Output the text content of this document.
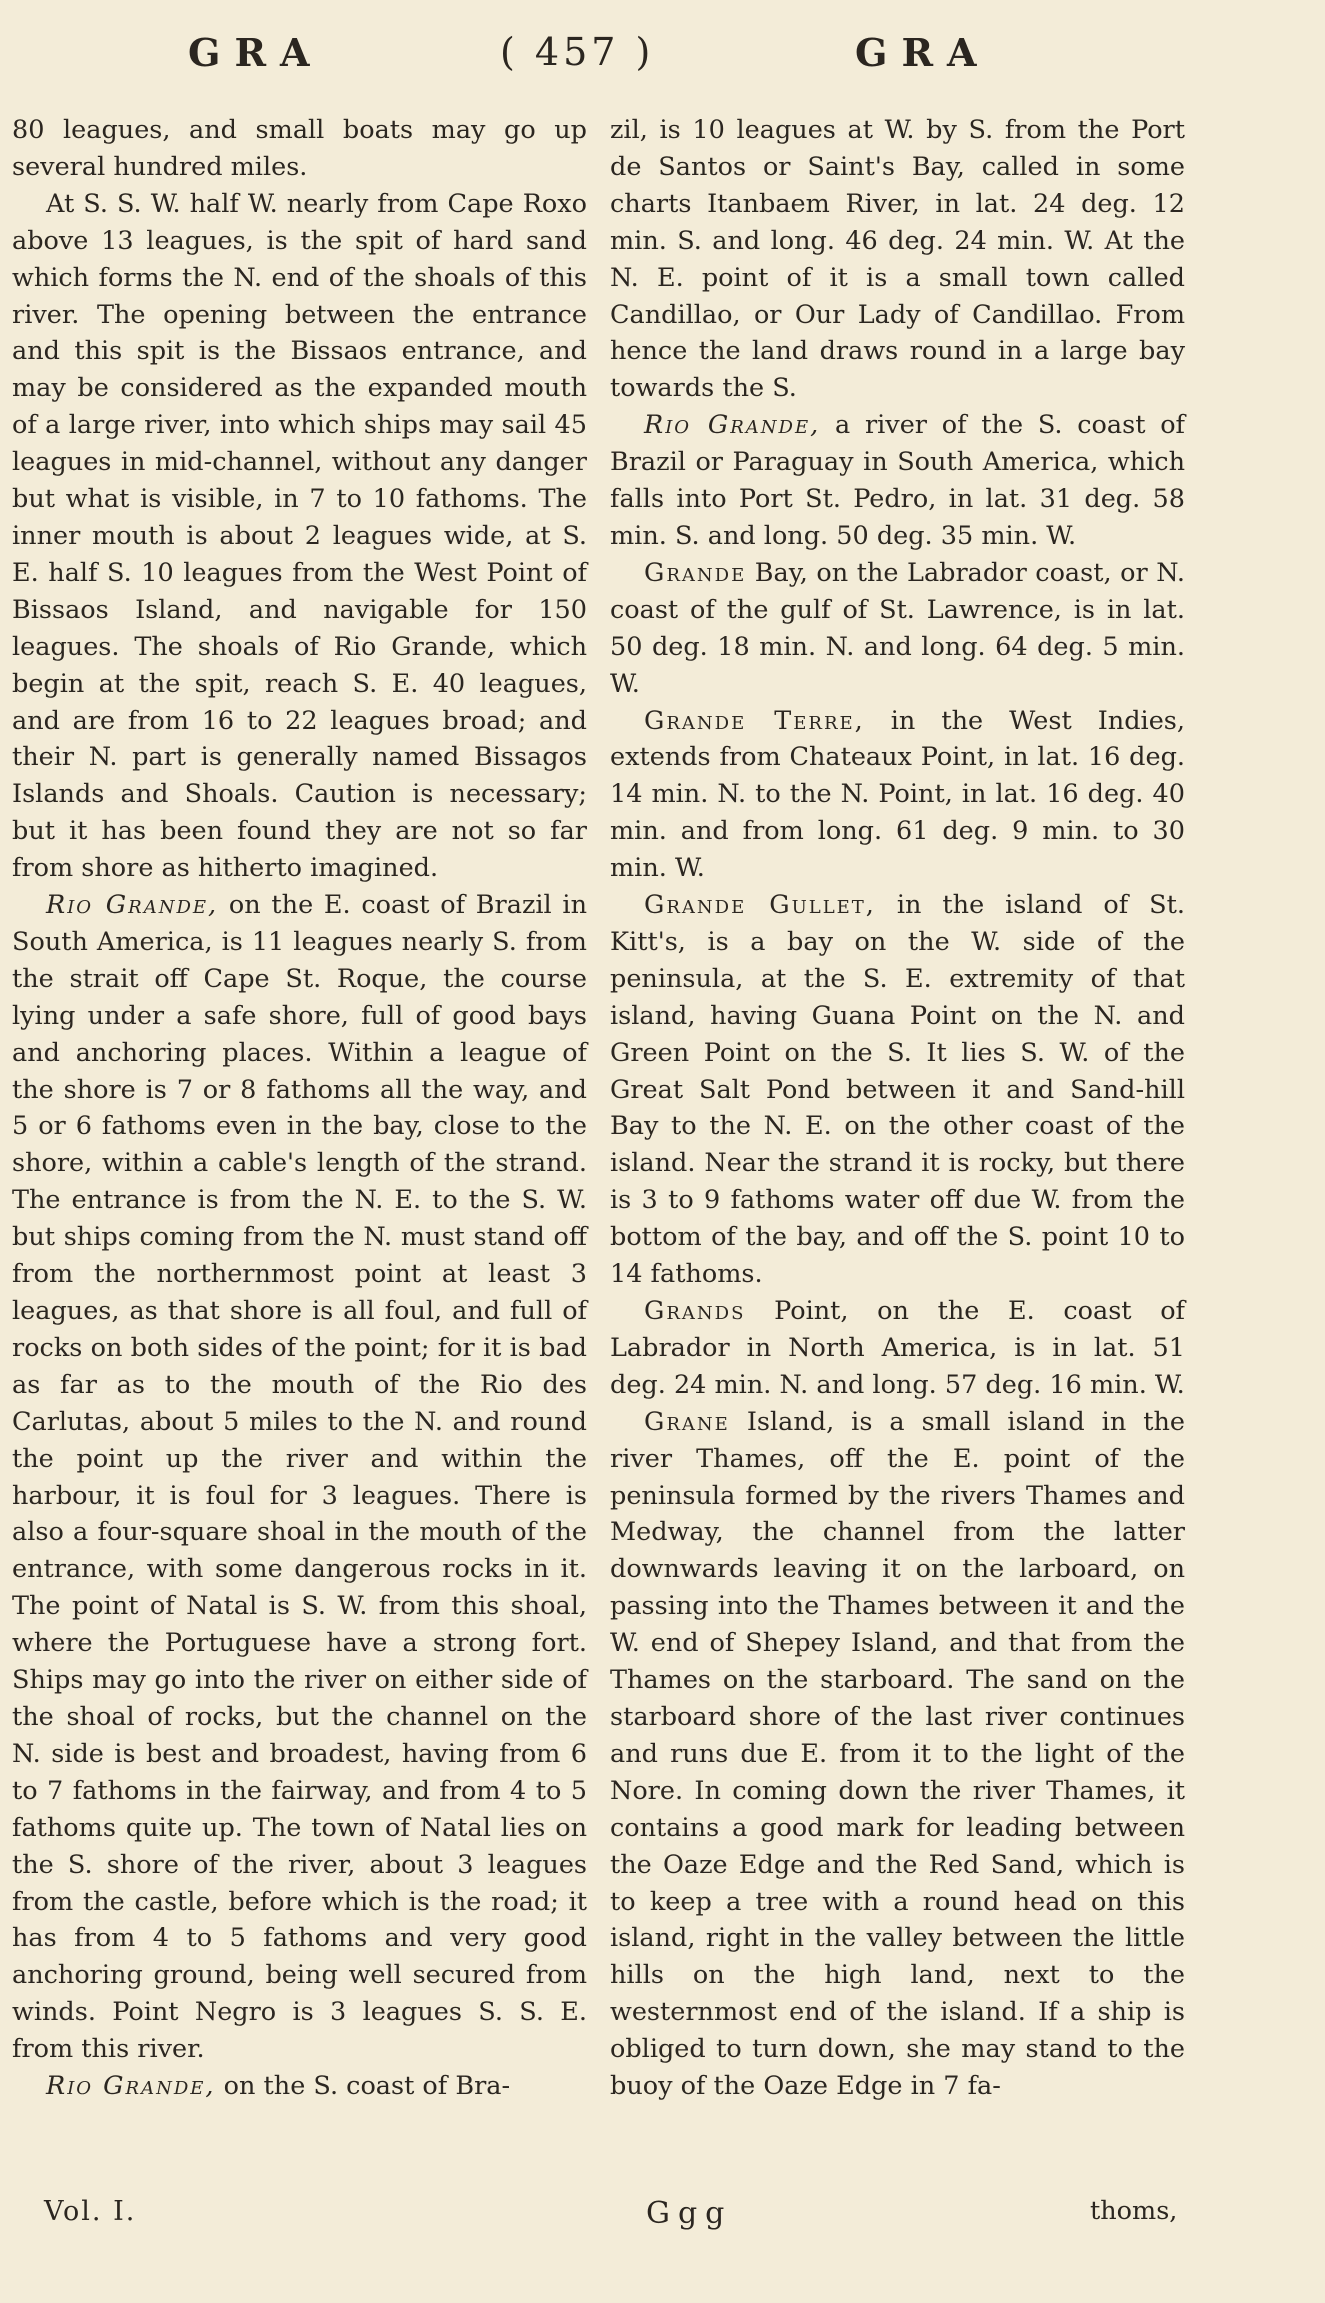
GRA	( 457 )	GRA

80 leagues, and small boats may go up several hundred miles.

At S. S. W. half W. nearly from Cape Roxo above 13 leagues, is the spit of hard sand which forms the N. end of the shoals of this river. The opening between the entrance and this spit is the Bissaos entrance, and may be considered as the expanded mouth of a large river, into which ships may sail 45 leagues in mid-channel, without any danger but what is visible, in 7 to 10 fathoms. The inner mouth is about 2 leagues wide, at S. E. half S. 10 leagues from the West Point of Bissaos Island, and navigable for 150 leagues. The shoals of Rio Grande, which begin at the spit, reach S. E. 40 leagues, and are from 16 to 22 leagues broad; and their N. part is generally named Bissagos Islands and Shoals. Caution is necessary; but it has been found they are not so far from shore as hitherto imagined.

Rio Grande, on the E. coast of Brazil in South America, is 11 leagues nearly S. from the strait off Cape St. Roque, the course lying under a safe shore, full of good bays and anchoring places. Within a league of the shore is 7 or 8 fathoms all the way, and 5 or 6 fathoms even in the bay, close to the shore, within a cable's length of the strand. The entrance is from the N. E. to the S. W. but ships coming from the N. must stand off from the northernmost point at least 3 leagues, as that shore is all foul, and full of rocks on both sides of the point; for it is bad as far as to the mouth of the Rio des Carlutas, about 5 miles to the N. and round the point up the river and within the harbour, it is foul for 3 leagues. There is also a four-square shoal in the mouth of the entrance, with some dangerous rocks in it. The point of Natal is S. W. from this shoal, where the Portuguese have a strong fort. Ships may go into the river on either side of the shoal of rocks, but the channel on the N. side is best and broadest, having from 6 to 7 fathoms in the fairway, and from 4 to 5 fathoms quite up. The town of Natal lies on the S. shore of the river, about 3 leagues from the castle, before which is the road; it has from 4 to 5 fathoms and very good anchoring ground, being well secured from winds. Point Negro is 3 leagues S. S. E. from this river.

Rio Grande, on the S. coast of Bra-

zil, is 10 leagues at W. by S. from the Port de Santos or Saint's Bay, called in some charts Itanbaem River, in lat. 24 deg. 12 min. S. and long. 46 deg. 24 min. W. At the N. E. point of it is a small town called Candillao, or Our Lady of Candillao. From hence the land draws round in a large bay towards the S.

Rio Grande, a river of the S. coast of Brazil or Paraguay in South America, which falls into Port St. Pedro, in lat. 31 deg. 58 min. S. and long. 50 deg. 35 min. W.

Grande Bay, on the Labrador coast, or N. coast of the gulf of St. Lawrence, is in lat. 50 deg. 18 min. N. and long. 64 deg. 5 min. W.

Grande Terre, in the West Indies, extends from Chateaux Point, in lat. 16 deg. 14 min. N. to the N. Point, in lat. 16 deg. 40 min. and from long. 61 deg. 9 min. to 30 min. W.

Grande Gullet, in the island of St. Kitt's, is a bay on the W. side of the peninsula, at the S. E. extremity of that island, having Guana Point on the N. and Green Point on the S. It lies S. W. of the Great Salt Pond between it and Sand-hill Bay to the N. E. on the other coast of the island. Near the strand it is rocky, but there is 3 to 9 fathoms water off due W. from the bottom of the bay, and off the S. point 10 to 14 fathoms.

Grands Point, on the E. coast of Labrador in North America, is in lat. 51 deg. 24 min. N. and long. 57 deg. 16 min. W.

Grane Island, is a small island in the river Thames, off the E. point of the peninsula formed by the rivers Thames and Medway, the channel from the latter downwards leaving it on the larboard, on passing into the Thames between it and the W. end of Shepey Island, and that from the Thames on the starboard. The sand on the starboard shore of the last river continues and runs due E. from it to the light of the Nore. In coming down the river Thames, it contains a good mark for leading between the Oaze Edge and the Red Sand, which is to keep a tree with a round head on this island, right in the valley between the little hills on the high land, next to the westernmost end of the island. If a ship is obliged to turn down, she may stand to the buoy of the Oaze Edge in 7 fa-

Vol. I.	Ggg	thoms,
